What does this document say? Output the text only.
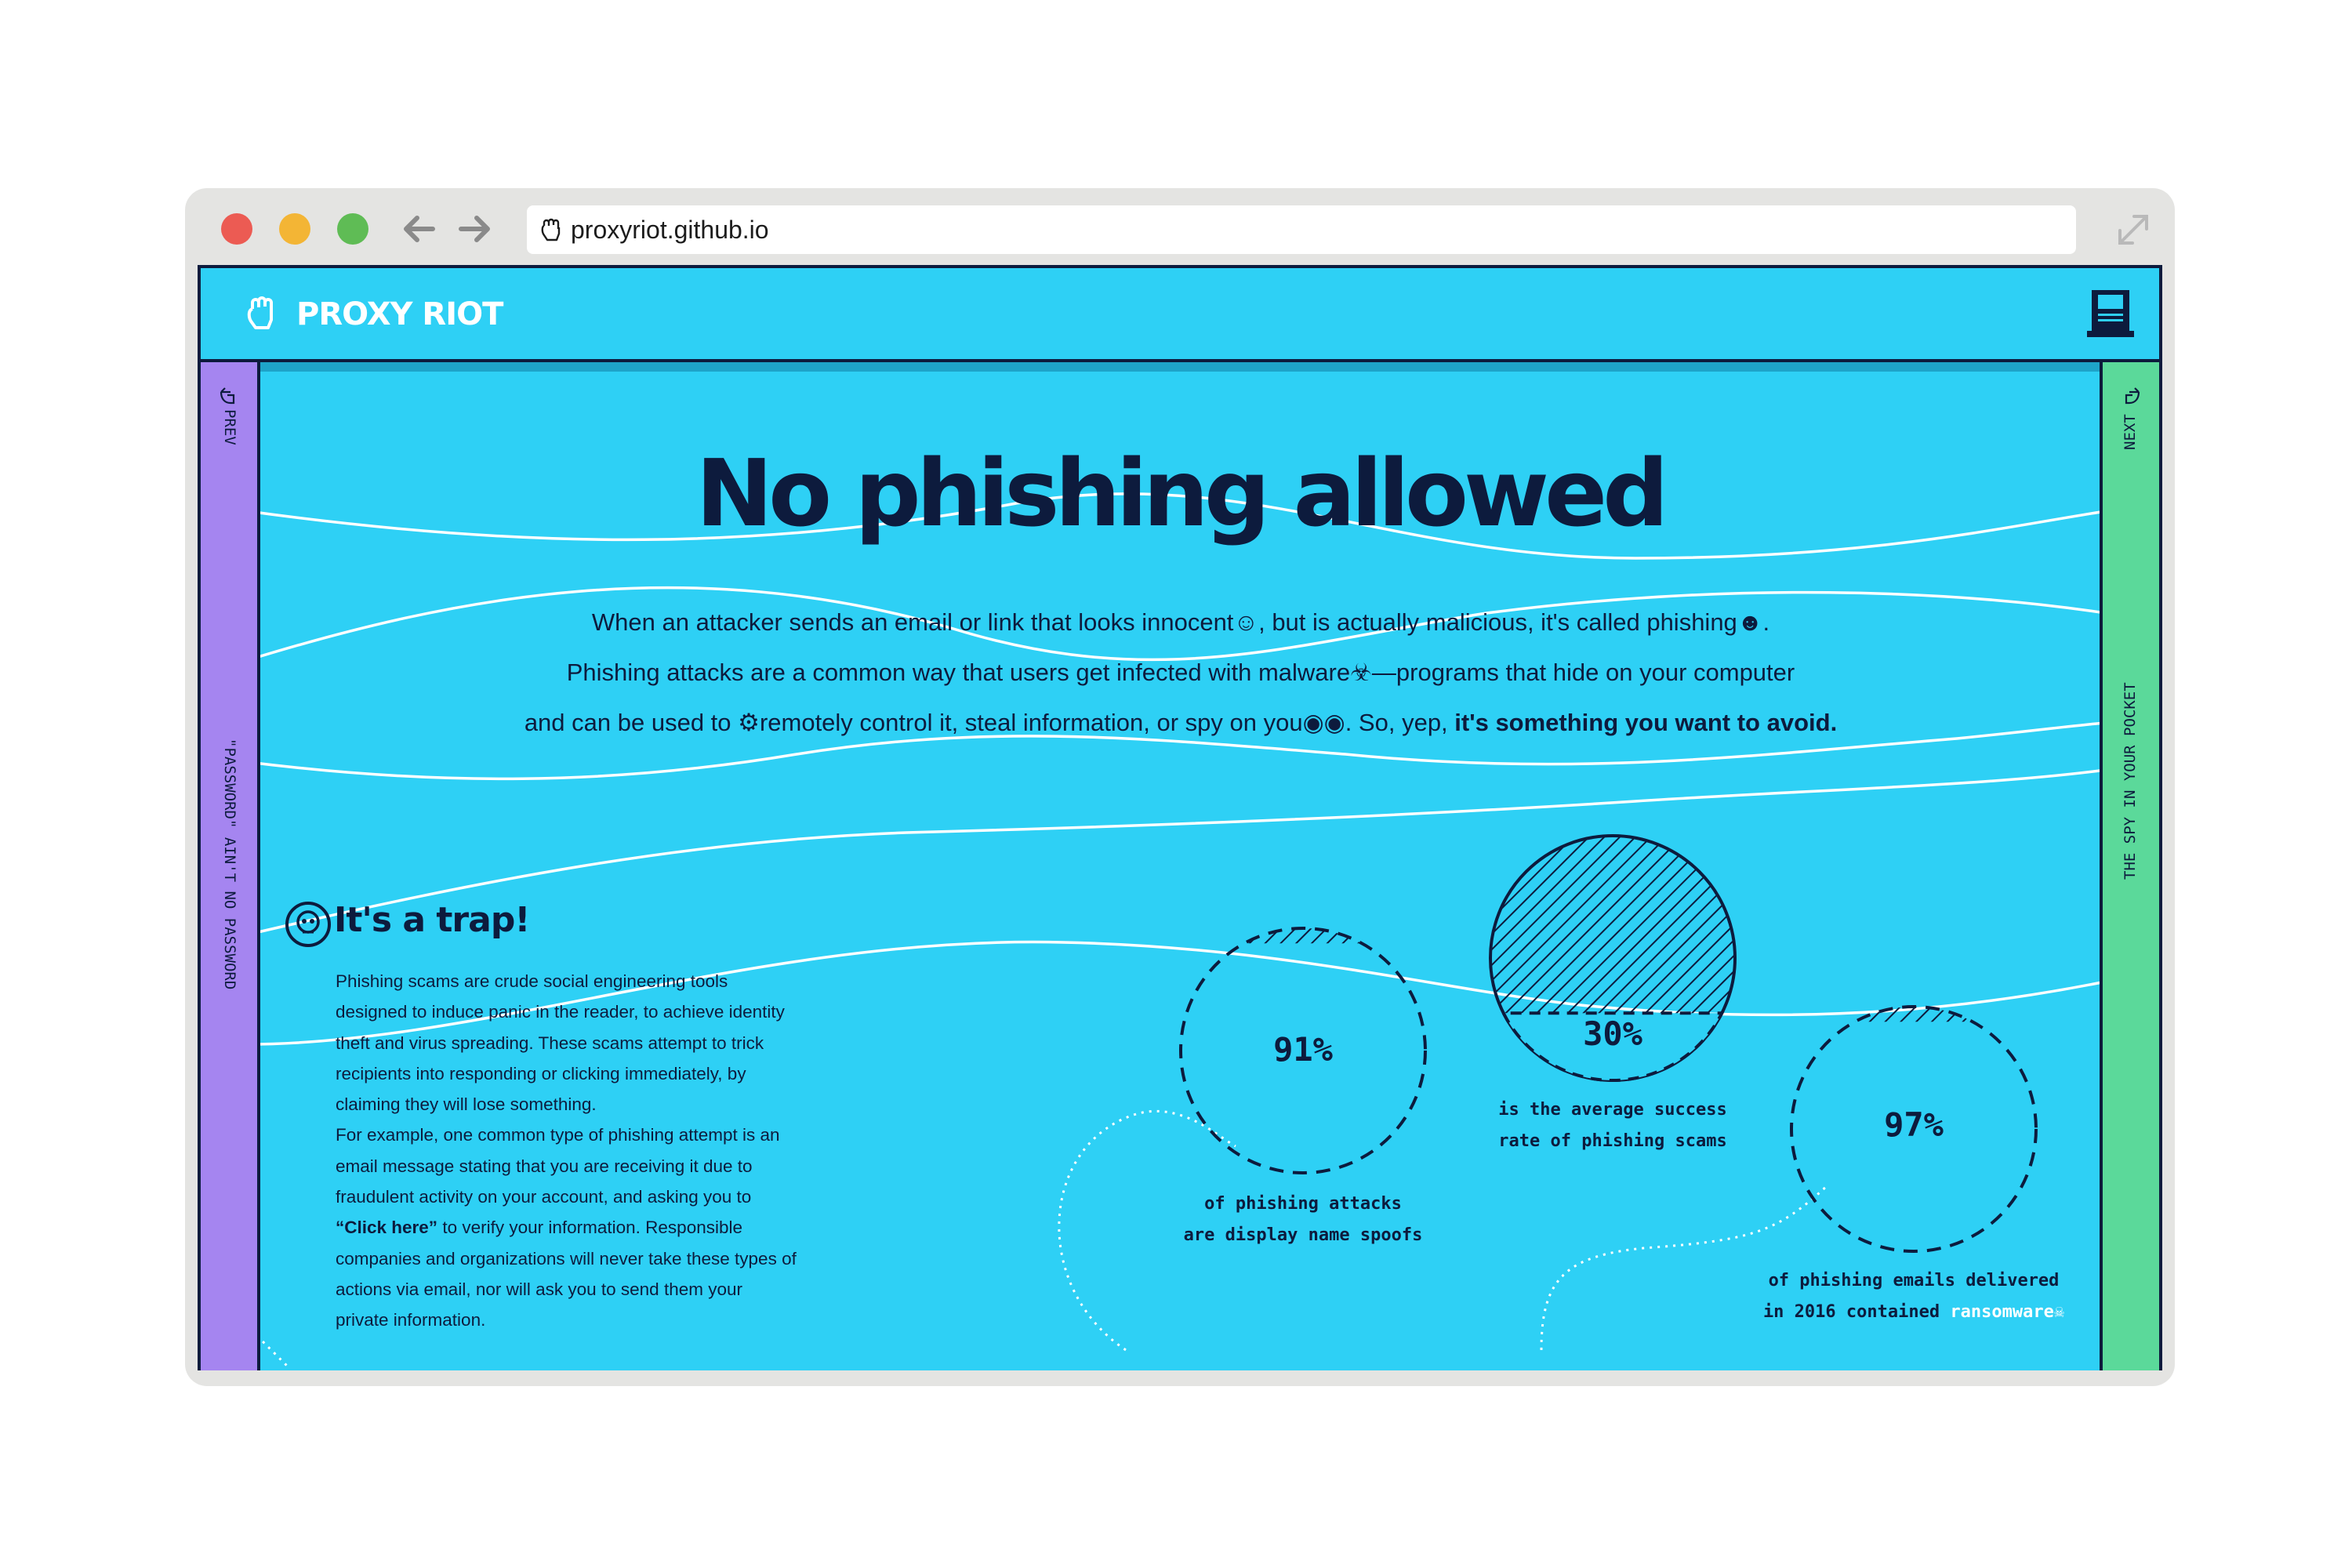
proxyriot.github.io
PROXY RIOT
PREV
"PASSWORD" AIN'T NO PASSWORD
NEXT
THE SPY IN YOUR POCKET
No phishing allowed
When an attacker sends an email or link that looks innocent☺, but is actually malicious, it's called phishing☻.
Phishing attacks are a common way that users get infected with malware☣—programs that hide on your computer
and can be used to ⚙remotely control it, steal information, or spy on you◉◉. So, yep, it's something you want to avoid.
It's a trap!
Phishing scams are crude social engineering tools designed to induce panic in the reader, to achieve identity theft and virus spreading. These scams attempt to trick recipients into responding or clicking immediately, by claiming they will lose something.
For example, one common type of phishing attempt is an email message stating that you are receiving it due to fraudulent activity on your account, and asking you to “Click here” to verify your information. Responsible companies and organizations will never take these types of actions via email, nor will ask you to send them your private information.
91%
of phishing attacks
are display name spoofs
30%
is the average success
rate of phishing scams	97%
of phishing emails delivered
in 2016 contained ransomware☠
